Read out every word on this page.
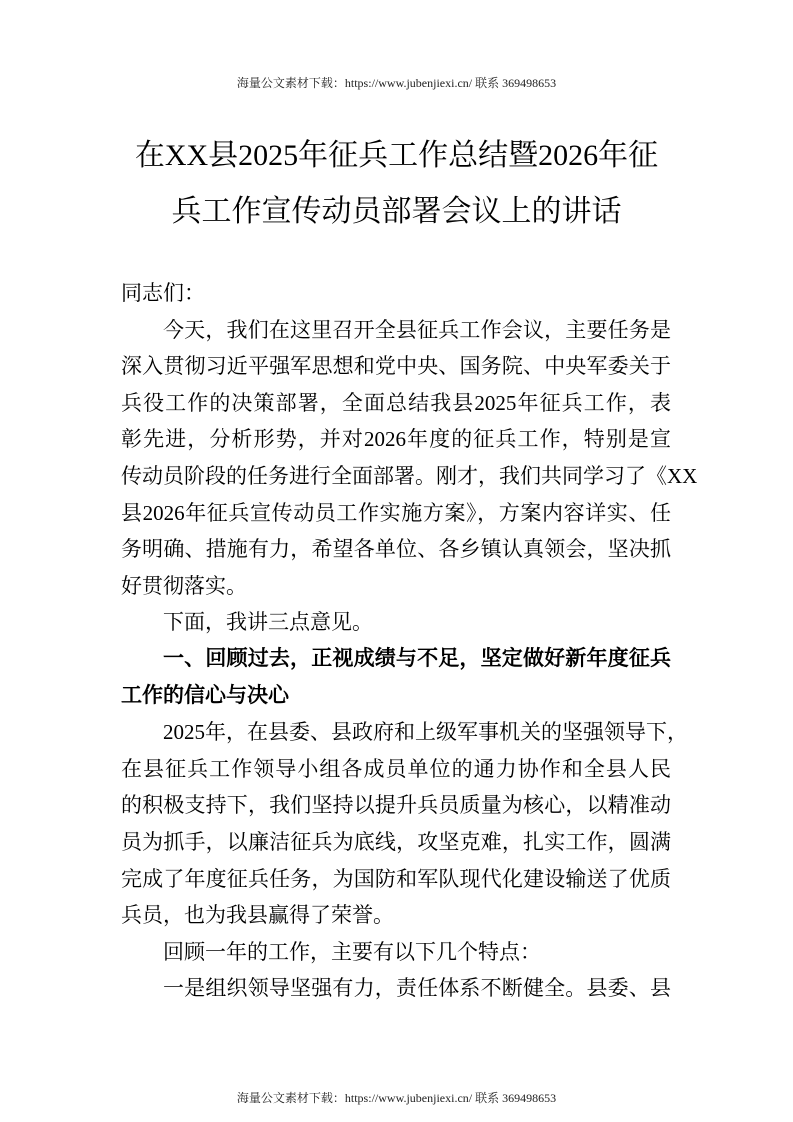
海量公文素材下载：https://www.jubenjiexi.cn/ 联系 369498653
在XX县2025年征兵工作总结暨2026年征
兵工作宣传动员部署会议上的讲话
同志们：
今天，我们在这里召开全县征兵工作会议，主要任务是
深入贯彻习近平强军思想和党中央、国务院、中央军委关于
兵役工作的决策部署，全面总结我县2025年征兵工作，表
彰先进，分析形势，并对2026年度的征兵工作，特别是宣
传动员阶段的任务进行全面部署。刚才，我们共同学习了《XX
县2026年征兵宣传动员工作实施方案》，方案内容详实、任
务明确、措施有力，希望各单位、各乡镇认真领会，坚决抓
好贯彻落实。
下面，我讲三点意见。
一、回顾过去，正视成绩与不足，坚定做好新年度征兵
工作的信心与决心
2025年，在县委、县政府和上级军事机关的坚强领导下，
在县征兵工作领导小组各成员单位的通力协作和全县人民
的积极支持下，我们坚持以提升兵员质量为核心，以精准动
员为抓手，以廉洁征兵为底线，攻坚克难，扎实工作，圆满
完成了年度征兵任务，为国防和军队现代化建设输送了优质
兵员，也为我县赢得了荣誉。
回顾一年的工作，主要有以下几个特点：
一是组织领导坚强有力，责任体系不断健全。县委、县
海量公文素材下载：https://www.jubenjiexi.cn/ 联系 369498653
